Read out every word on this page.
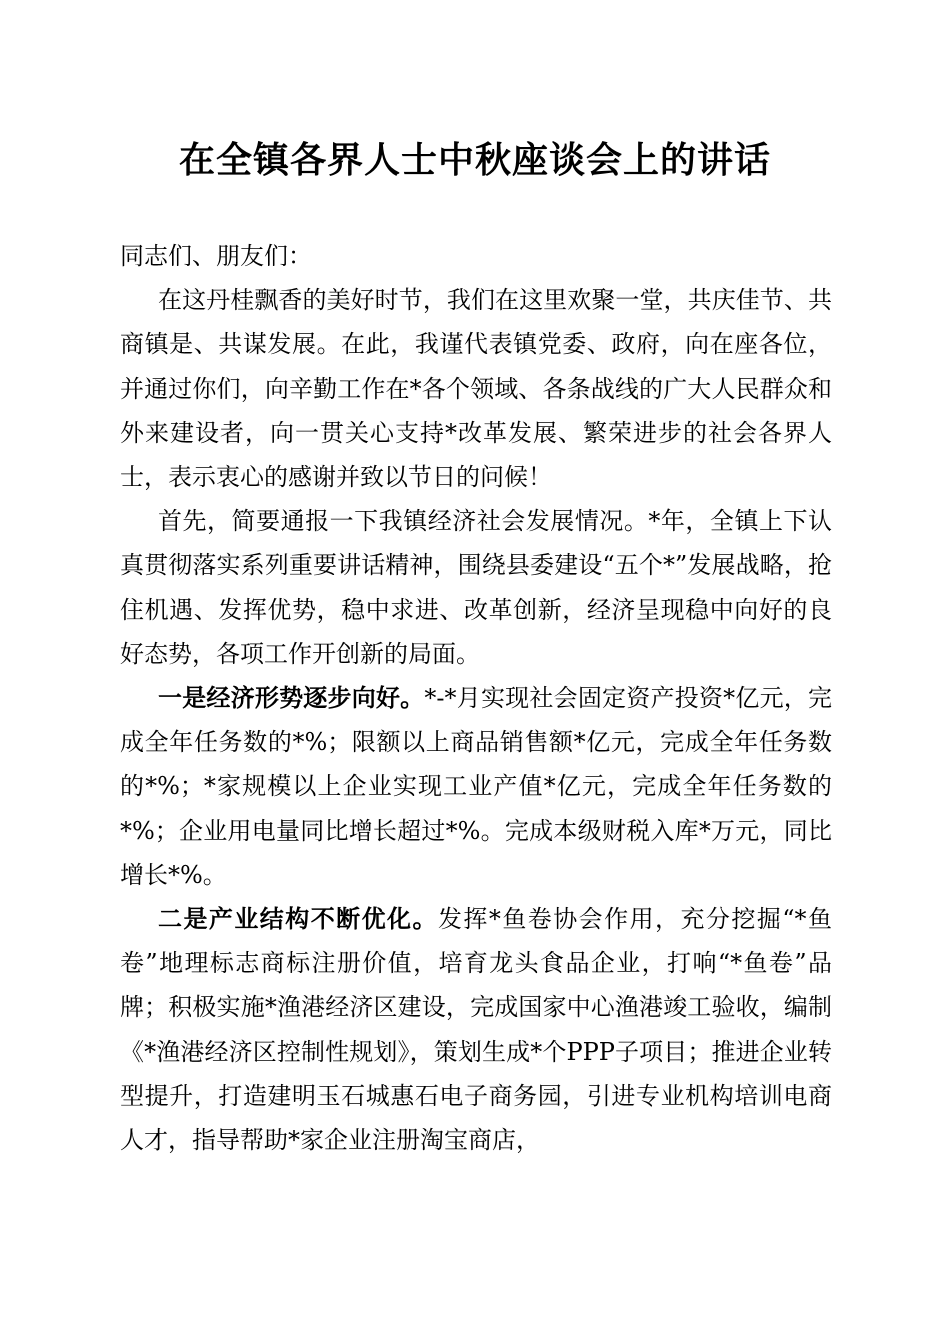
在全镇各界人士中秋座谈会上的讲话

同志们、朋友们：

在这丹桂飘香的美好时节，我们在这里欢聚一堂，共庆佳节、共商镇是、共谋发展。在此，我谨代表镇党委、政府，向在座各位，并通过你们，向辛勤工作在*各个领域、各条战线的广大人民群众和外来建设者，向一贯关心支持*改革发展、繁荣进步的社会各界人士，表示衷心的感谢并致以节日的问候！

首先，简要通报一下我镇经济社会发展情况。*年，全镇上下认真贯彻落实系列重要讲话精神，围绕县委建设“五个*”发展战略，抢住机遇、发挥优势，稳中求进、改革创新，经济呈现稳中向好的良好态势，各项工作开创新的局面。

一是经济形势逐步向好。*-*月实现社会固定资产投资*亿元，完成全年任务数的*%；限额以上商品销售额*亿元，完成全年任务数的*%；*家规模以上企业实现工业产值*亿元，完成全年任务数的*%；企业用电量同比增长超过*%。完成本级财税入库*万元，同比增长*%。

二是产业结构不断优化。发挥*鱼卷协会作用，充分挖掘“*鱼卷”地理标志商标注册价值，培育龙头食品企业，打响“*鱼卷”品牌；积极实施*渔港经济区建设，完成国家中心渔港竣工验收，编制《*渔港经济区控制性规划》，策划生成*个PPP子项目；推进企业转型提升，打造建明玉石城惠石电子商务园，引进专业机构培训电商人才，指导帮助*家企业注册淘宝商店，
